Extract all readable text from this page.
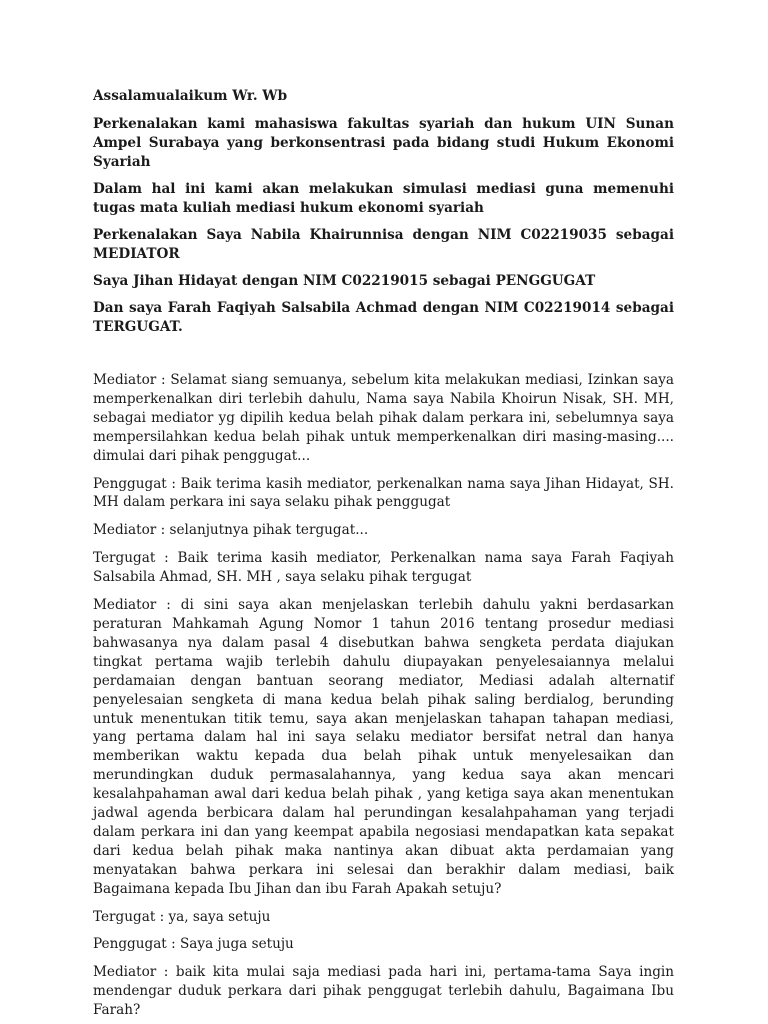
Assalamualaikum Wr. Wb

Perkenalakan kami mahasiswa fakultas syariah dan hukum UIN Sunan Ampel Surabaya yang berkonsentrasi pada bidang studi Hukum Ekonomi Syariah

Dalam hal ini kami akan melakukan simulasi mediasi guna memenuhi tugas mata kuliah mediasi hukum ekonomi syariah

Perkenalakan Saya Nabila Khairunnisa dengan NIM C02219035 sebagai MEDIATOR

Saya Jihan Hidayat dengan NIM C02219015 sebagai PENGGUGAT

Dan saya Farah Faqiyah Salsabila Achmad dengan NIM C02219014 sebagai TERGUGAT.

Mediator : Selamat siang semuanya, sebelum kita melakukan mediasi, Izinkan saya memperkenalkan diri terlebih dahulu, Nama saya Nabila Khoirun Nisak, SH. MH, sebagai mediator yg dipilih kedua belah pihak dalam perkara ini, sebelumnya saya mempersilahkan kedua belah pihak untuk memperkenalkan diri masing-masing.... dimulai dari pihak penggugat...

Penggugat : Baik terima kasih mediator, perkenalkan nama saya Jihan Hidayat, SH. MH dalam perkara ini saya selaku pihak penggugat

Mediator : selanjutnya pihak tergugat...

Tergugat : Baik terima kasih mediator, Perkenalkan nama saya Farah Faqiyah Salsabila Ahmad, SH. MH , saya selaku pihak tergugat

Mediator : di sini saya akan menjelaskan terlebih dahulu yakni berdasarkan peraturan Mahkamah Agung Nomor 1 tahun 2016 tentang prosedur mediasi bahwasanya nya dalam pasal 4 disebutkan bahwa sengketa perdata diajukan tingkat pertama wajib terlebih dahulu diupayakan penyelesaiannya melalui perdamaian dengan bantuan seorang mediator, Mediasi adalah alternatif penyelesaian sengketa di mana kedua belah pihak saling berdialog, berunding untuk menentukan titik temu, saya akan menjelaskan tahapan tahapan mediasi, yang pertama dalam hal ini saya selaku mediator bersifat netral dan hanya memberikan waktu kepada dua belah pihak untuk menyelesaikan dan merundingkan duduk permasalahannya, yang kedua saya akan mencari kesalahpahaman awal dari kedua belah pihak , yang ketiga saya akan menentukan jadwal agenda berbicara dalam hal perundingan kesalahpahaman yang terjadi dalam perkara ini dan yang keempat apabila negosiasi mendapatkan kata sepakat dari kedua belah pihak maka nantinya akan dibuat akta perdamaian yang menyatakan bahwa perkara ini selesai dan berakhir dalam mediasi, baik Bagaimana kepada Ibu Jihan dan ibu Farah Apakah setuju?

Tergugat : ya, saya setuju

Penggugat : Saya juga setuju

Mediator : baik kita mulai saja mediasi pada hari ini, pertama-tama Saya ingin mendengar duduk perkara dari pihak penggugat terlebih dahulu, Bagaimana Ibu Farah?
